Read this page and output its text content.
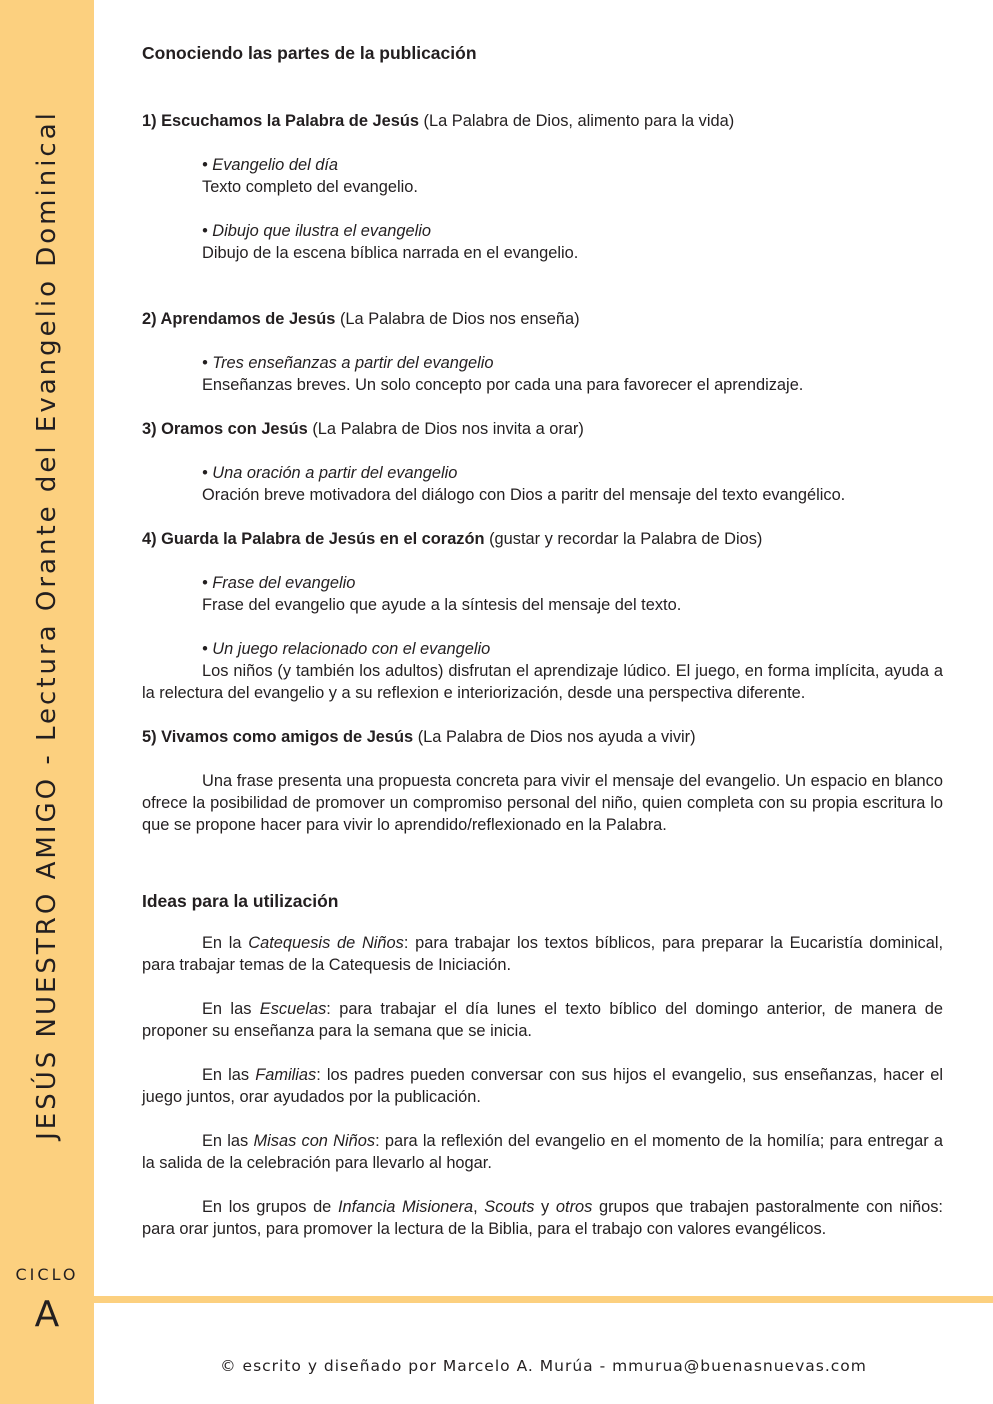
JESÚS NUESTRO AMIGO - Lectura Orante del Evangelio Dominical
CICLO
A

Conociendo las partes de la publicación

1) Escuchamos la Palabra de Jesús (La Palabra de Dios, alimento para la vida)

• Evangelio del día
Texto completo del evangelio.
• Dibujo que ilustra el evangelio
Dibujo de la escena bíblica narrada en el evangelio.

2) Aprendamos de Jesús (La Palabra de Dios nos enseña)

• Tres enseñanzas a partir del evangelio
Enseñanzas breves. Un solo concepto por cada una para favorecer el aprendizaje.

3) Oramos con Jesús (La Palabra de Dios nos invita a orar)

• Una oración a partir del evangelio
Oración breve motivadora del diálogo con Dios a paritr del mensaje del texto evangélico.

4) Guarda la Palabra de Jesús en el corazón (gustar y recordar la Palabra de Dios)

• Frase del evangelio
Frase del evangelio que ayude a la síntesis del mensaje del texto.
• Un juego relacionado con el evangelio

Los niños (y también los adultos) disfrutan el aprendizaje lúdico. El juego, en forma implícita, ayuda a la relectura del evangelio y a su reflexion e interiorización, desde una perspectiva diferente.

5) Vivamos como amigos de Jesús (La Palabra de Dios nos ayuda a vivir)

Una frase presenta una propuesta concreta para vivir el mensaje del evangelio. Un espacio en blanco ofrece la posibilidad de promover un compromiso personal del niño, quien completa con su propia escritura lo que se propone hacer para vivir lo aprendido/reflexionado en la Palabra.

Ideas para la utilización

En la Catequesis de Niños: para trabajar los textos bíblicos, para preparar la Eucaristía dominical, para trabajar temas de la Catequesis de Iniciación.

En las Escuelas: para trabajar el día lunes el texto bíblico del domingo anterior, de manera de proponer su enseñanza para la semana que se inicia.

En las Familias: los padres pueden conversar con sus hijos el evangelio, sus enseñanzas, hacer el juego juntos, orar ayudados por la publicación.

En las Misas con Niños: para la reflexión del evangelio en el momento de la homilía; para entregar a la salida de la celebración para llevarlo al hogar.

En los grupos de Infancia Misionera, Scouts y otros grupos que trabajen pastoralmente con niños: para orar juntos, para promover la lectura de la Biblia, para el trabajo con valores evangélicos.

© escrito y diseñado por Marcelo A. Murúa - mmurua@buenasnuevas.com
